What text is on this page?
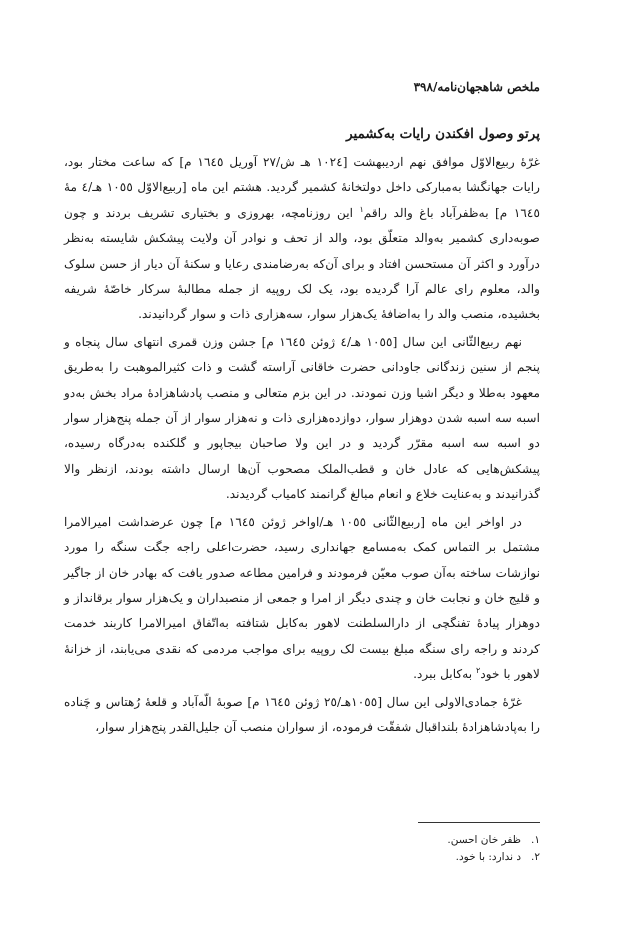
ملخص شاهجهان‌نامه/٣٩٨
پرتو وصول افکندن رایات به‌کشمیر

غرّۀ ربیع‌الاوّل موافق نهم اردیبهشت [١٠٢٤ هـ ش/٢٧ آوریل ١٦٤٥ م] که ساعت مختار بود، رایات جهانگشا به‌مبارکی داخل دولتخانۀ کشمیر گردید. هشتم این ماه [ربیع‌الاوّل ١٠٥٥ هـ/٤ مۀ ١٦٤٥ م] به‌ظفرآباد باغ والد راقم$^١$ این روزنامچه، بهروزی و بختیاری تشریف بردند و چون صوبه‌داری کشمیر به‌والد متعلّق بود، والد از تحف و نوادر آن ولایت پیشکش شایسته به‌نظر درآورد و اکثر آن مستحسن افتاد و برای آن‌که به‌رضامندی رعایا و سکنۀ آن دیار از حسن سلوک والد، معلوم رای عالم آرا گردیده بود، یک لک روپیه از جمله مطالبۀ سرکار خاصّۀ شریفه بخشیده، منصب والد را به‌اضافۀ یک‌هزار سوار، سه‌هزاری ذات و سوار گردانیدند.

نهم ربیع‌الثّانی این سال [١٠٥٥ هـ/٤ ژوئن ١٦٤٥ م] جشن وزن قمری انتهای سال پنجاه و پنجم از سنین زندگانی جاودانی حضرت خاقانی آراسته گشت و ذات کثیرالموهبت را به‌طریق معهود به‌طلا و دیگر اشیا وزن نمودند. در این بزم متعالی و منصب پادشاهزادۀ مراد بخش به‌دو اسبه سه اسبه شدن دوهزار سوار، دوازده‌هزاری ذات و نه‌هزار سوار از آن جمله پنج‌هزار سوار دو اسبه سه اسبه مقرّر گردید و در این ولا صاحبان بیجاپور و گلکنده به‌درگاه رسیده، پیشکش‌هایی که عادل خان و قطب‌الملک مصحوب آن‌ها ارسال داشته بودند، ازنظر والا گذرانیدند و به‌عنایت خلاع و انعام مبالغ گرانمند کامیاب گردیدند.

در اواخر این ماه [ربیع‌الثّانی ١٠٥٥ هـ/اواخر ژوئن ١٦٤٥ م] چون عرضداشت امیرالامرا مشتمل بر التماس کمک به‌مسامع جهانداری رسید، حضرت‌اعلی راجه جگت سنگه را مورد نوازشات ساخته به‌آن صوب معیّن فرمودند و فرامین مطاعه صدور یافت که بهادر خان از جاگیر و قلیج خان و نجابت خان و چندی دیگر از امرا و جمعی از منصبداران و یک‌هزار سوار برقانداز و دوهزار پیادۀ تفنگچی از دارالسلطنت لاهور به‌کابل شتافته به‌اتّفاق امیرالامرا کاربند خدمت کردند و راجه رای سنگه مبلغ بیست لک روپیه برای مواجب مردمی که نقدی می‌یابند، از خزانۀ لاهور با خود$^٢$ به‌کابل ببرد.

غرّۀ جمادی‌الاولی این سال [١٠٥٥هـ/٢٥ ژوئن ١٦٤٥ م] صوبۀ الّه‌آباد و قلعۀ رُهتاس و چَناده را به‌پادشاهزادۀ بلنداقبال شفقّت فرموده، از سواران منصب آن جلیل‌القدر پنج‌هزار سوار،

١.ظفر خان احسن.
٢.د ندارد: با خود.
